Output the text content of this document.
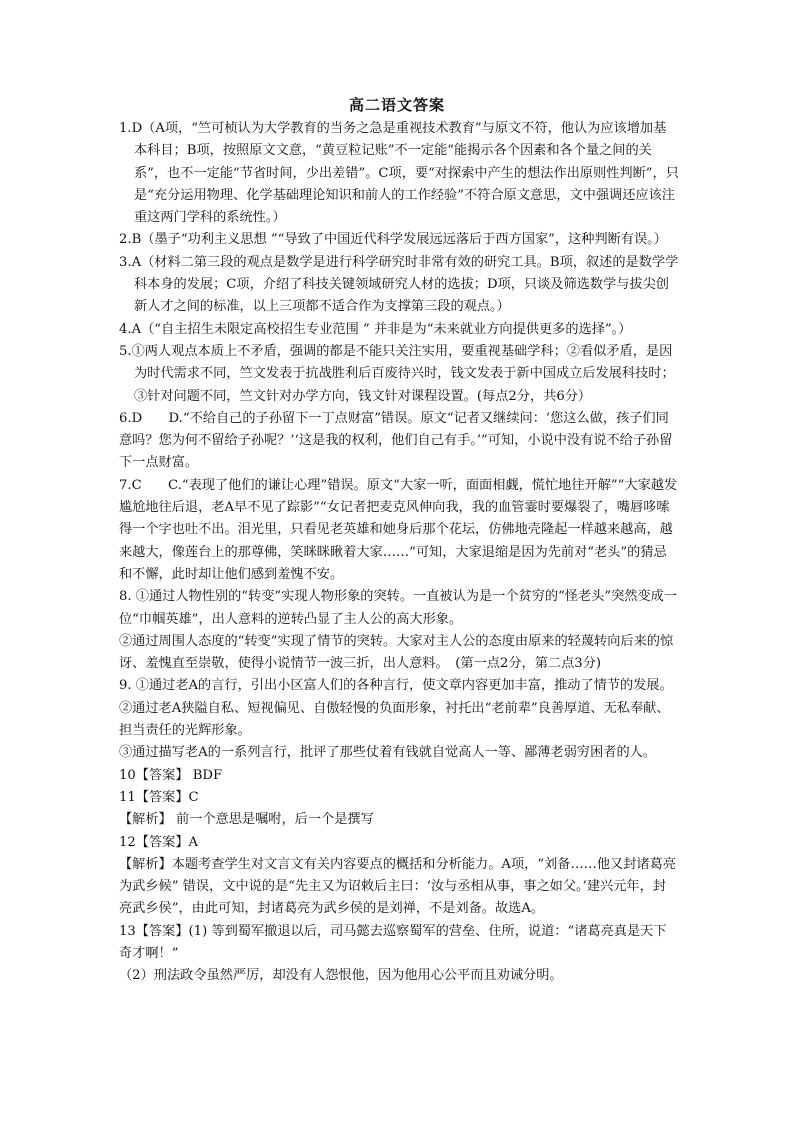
高二语文答案

1.D（A项，“竺可桢认为大学教育的当务之急是重视技术教育”与原文不符，他认为应该增加基本科目；B项，按照原文文意，“黄豆粒记账”不一定能“能揭示各个因素和各个量之间的关系”，也不一定能“节省时间，少出差错”。C项，要“对探索中产生的想法作出原则性判断”，只是“充分运用物理、化学基础理论知识和前人的工作经验”不符合原文意思，文中强调还应该注重这两门学科的系统性。）

2.B（墨子“功利主义思想 ”“导致了中国近代科学发展远远落后于西方国家”，这种判断有误。）

3.A（材料二第三段的观点是数学是进行科学研究时非常有效的研究工具。B项，叙述的是数学学科本身的发展；C项，介绍了科技关键领域研究人材的选拔；D项，只谈及筛选数学与拔尖创新人才之间的标准，以上三项都不适合作为支撑第三段的观点。）

4.A（“自主招生未限定高校招生专业范围 ” 并非是为“未来就业方向提供更多的选择”。）

5.①两人观点本质上不矛盾，强调的都是不能只关注实用，要重视基础学科；②看似矛盾，是因为时代需求不同，竺文发表于抗战胜利后百废待兴时，钱文发表于新中国成立后发展科技时；③针对问题不同，竺文针对办学方向，钱文针对课程设置。(每点2分，共6分）

6.D　　D.“不给自己的子孙留下一丁点财富”错误。原文“记者又继续问：‘您这么做，孩子们同意吗？您为何不留给子孙呢？’‘这是我的权利，他们自己有手。’”可知，小说中没有说不给子孙留下一点财富。

7.C　　C.“表现了他们的谦让心理”错误。原文“大家一听，面面相觑，慌忙地往开解”“大家越发尴尬地往后退，老A早不见了踪影”“女记者把麦克风伸向我，我的血管霎时要爆裂了，嘴唇哆嗦得一个字也吐不出。泪光里，只看见老英雄和她身后那个花坛，仿佛地壳隆起一样越来越高，越来越大，像莲台上的那尊佛，笑眯眯瞅着大家……”可知，大家退缩是因为先前对“老头”的猜忌和不懈，此时却让他们感到羞愧不安。

8. ①通过人物性别的“转变”实现人物形象的突转。一直被认为是一个贫穷的“怪老头”突然变成一位“巾帼英雄”，出人意料的逆转凸显了主人公的高大形象。

②通过周围人态度的“转变”实现了情节的突转。大家对主人公的态度由原来的轻蔑转向后来的惊讶、羞愧直至崇敬，使得小说情节一波三折，出人意料。　(第一点2分，第二点3分)

9. ①通过老A的言行，引出小区富人们的各种言行，使文章内容更加丰富，推动了情节的发展。

②通过老A狭隘自私、短视偏见、自傲轻慢的负面形象，衬托出“老前辈”良善厚道、无私奉献、担当责任的光辉形象。

③通过描写老A的一系列言行，批评了那些仗着有钱就自觉高人一等、鄙薄老弱穷困者的人。

10【答案】 BDF

11【答案】C

【解析】 前一个意思是嘱咐，后一个是撰写

12【答案】A

【解析】本题考查学生对文言文有关内容要点的概括和分析能力。A项，“刘备……他又封诸葛亮为武乡候” 错误，文中说的是“先主又为诏敕后主曰：‘汝与丞相从事，事之如父。’建兴元年，封亮武乡侯”，由此可知，封诸葛亮为武乡侯的是刘禅，不是刘备。故选A。

13【答案】(1) 等到蜀军撤退以后，司马懿去巡察蜀军的营垒、住所，说道：“诸葛亮真是天下奇才啊！”

（2）刑法政令虽然严厉，却没有人怨恨他，因为他用心公平而且劝诫分明。
